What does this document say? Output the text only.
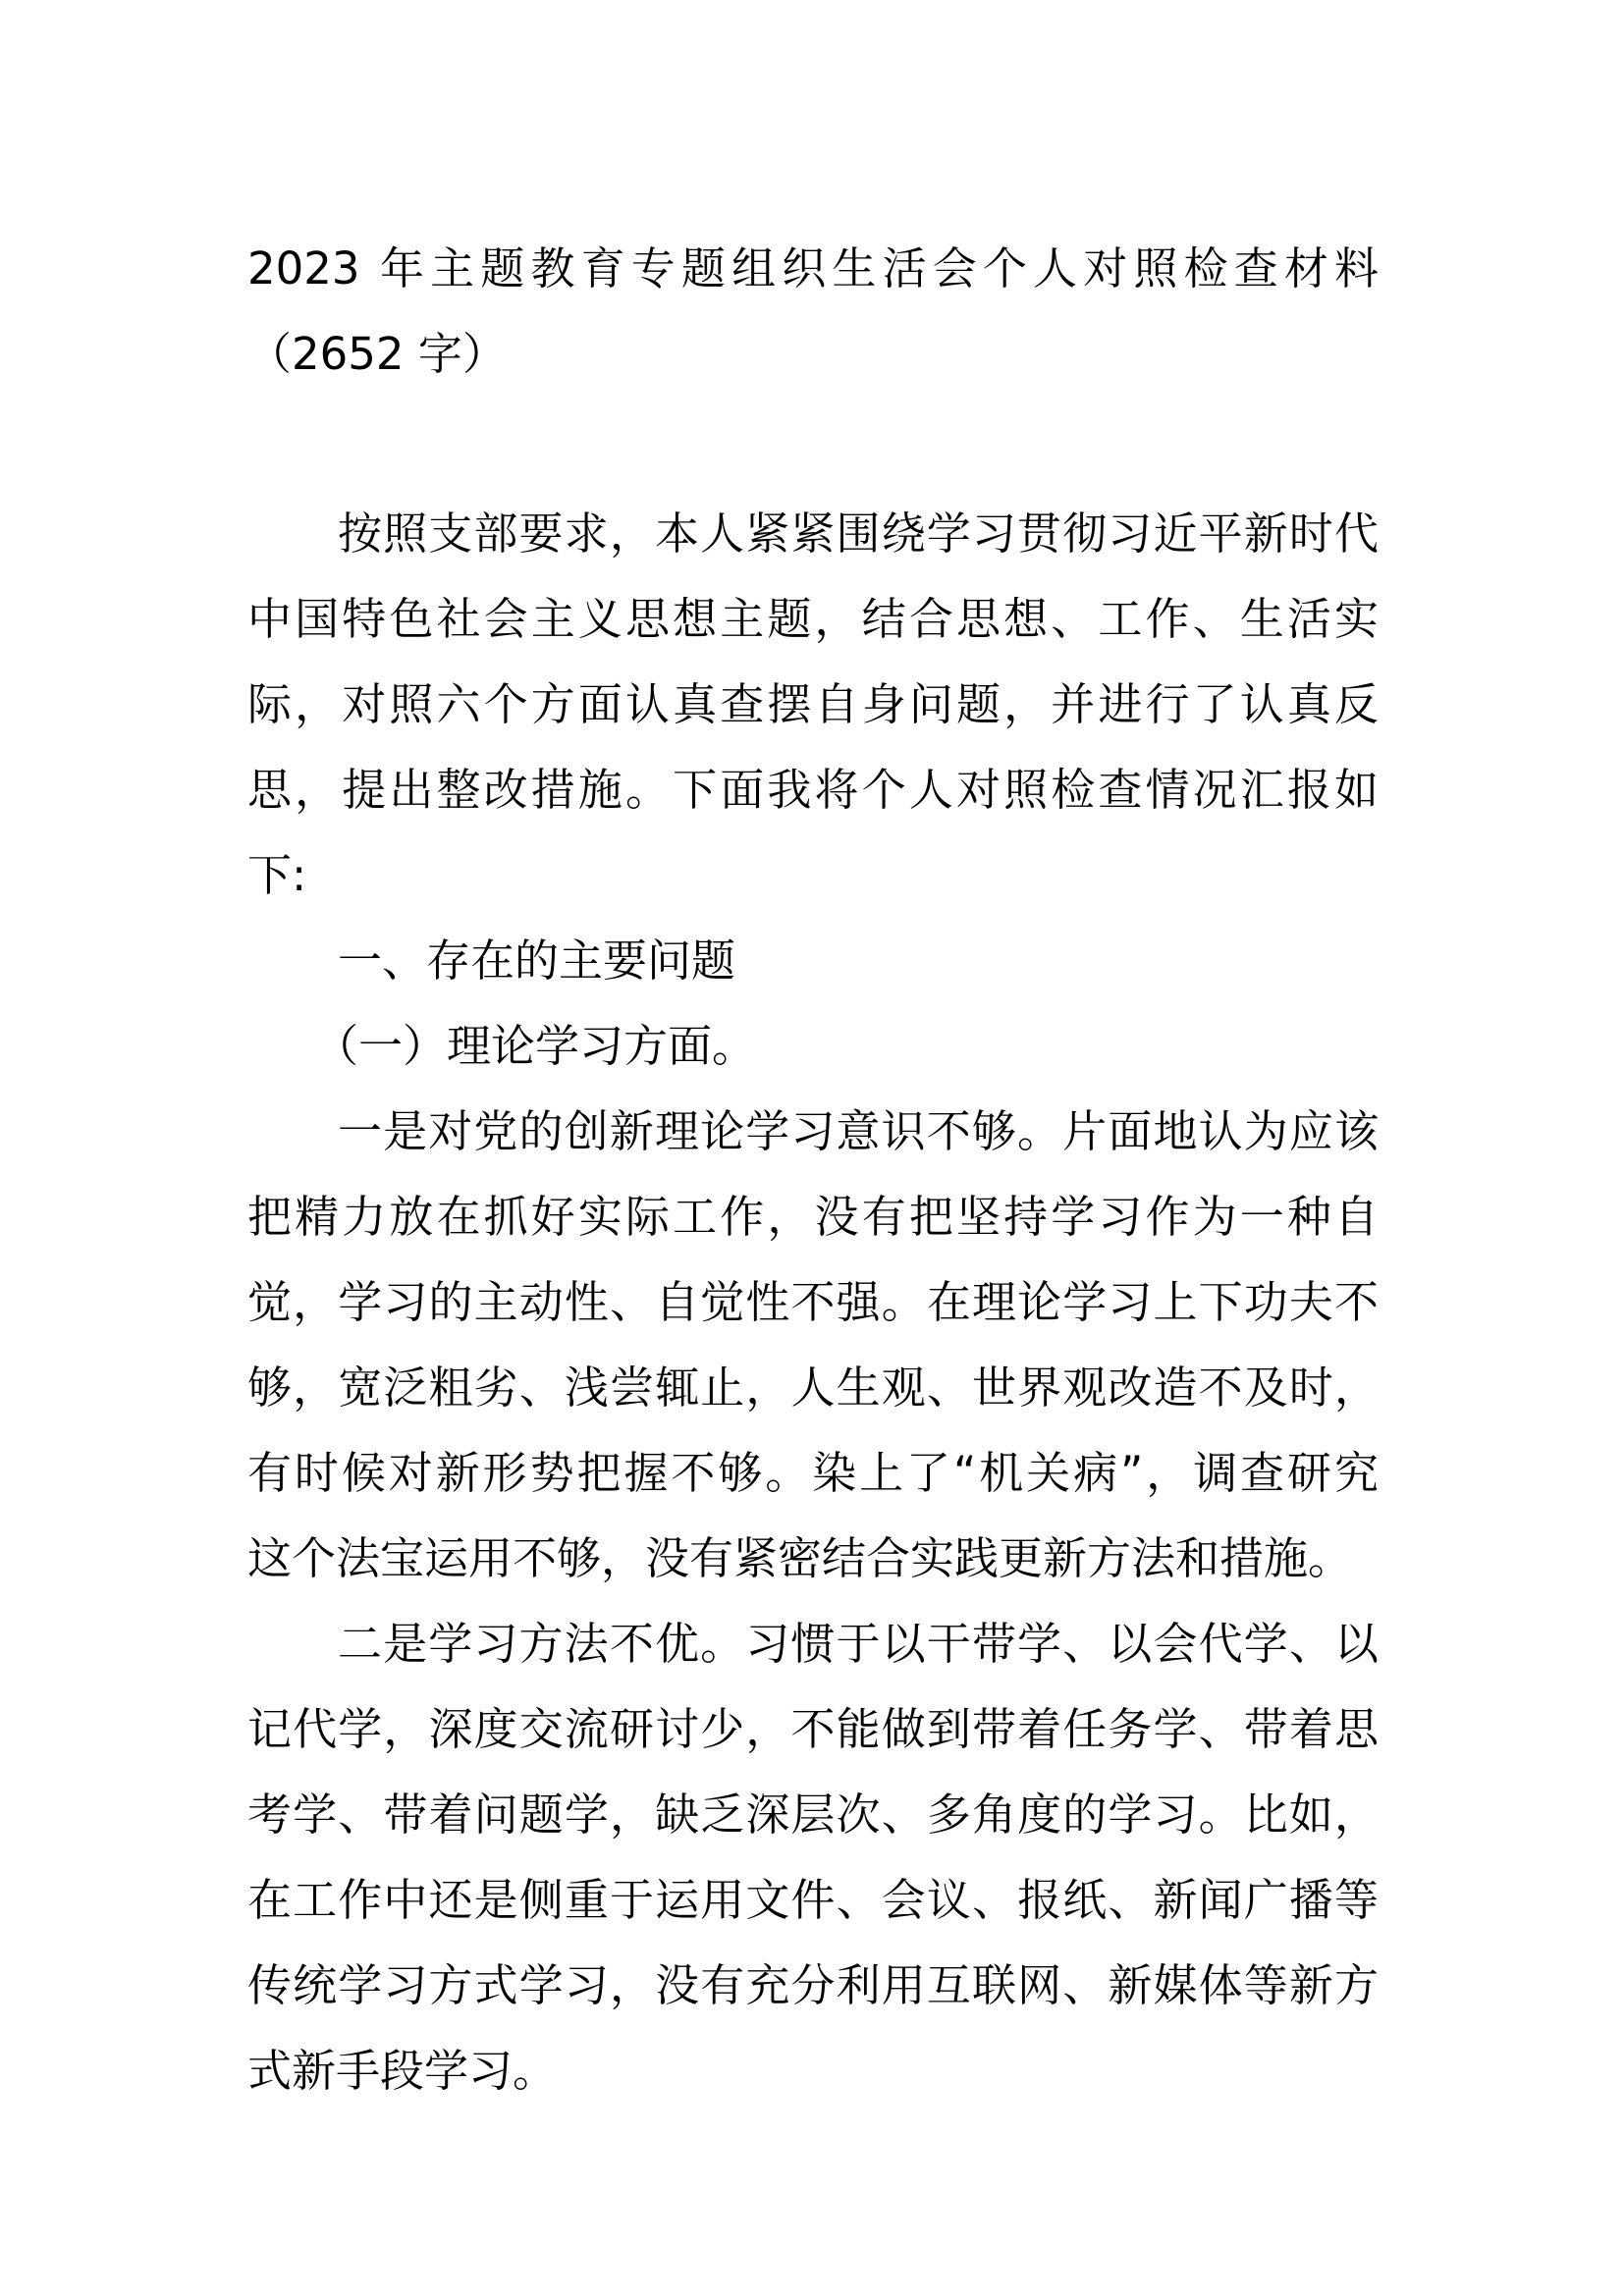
2023 年主题教育专题组织生活会个人对照检查材料
（2652 字）
按照支部要求，本人紧紧围绕学习贯彻习近平新时代
中国特色社会主义思想主题，结合思想、工作、生活实
际，对照六个方面认真查摆自身问题，并进行了认真反
思，提出整改措施。下面我将个人对照检查情况汇报如
下:
一、存在的主要问题
（一）理论学习方面。
一是对党的创新理论学习意识不够。片面地认为应该
把精力放在抓好实际工作，没有把坚持学习作为一种自
觉，学习的主动性、自觉性不强。在理论学习上下功夫不
够，宽泛粗劣、浅尝辄止，人生观、世界观改造不及时，
有时候对新形势把握不够。染上了“机关病”，调查研究
这个法宝运用不够，没有紧密结合实践更新方法和措施。
二是学习方法不优。习惯于以干带学、以会代学、以
记代学，深度交流研讨少，不能做到带着任务学、带着思
考学、带着问题学，缺乏深层次、多角度的学习。比如，
在工作中还是侧重于运用文件、会议、报纸、新闻广播等
传统学习方式学习，没有充分利用互联网、新媒体等新方
式新手段学习。
